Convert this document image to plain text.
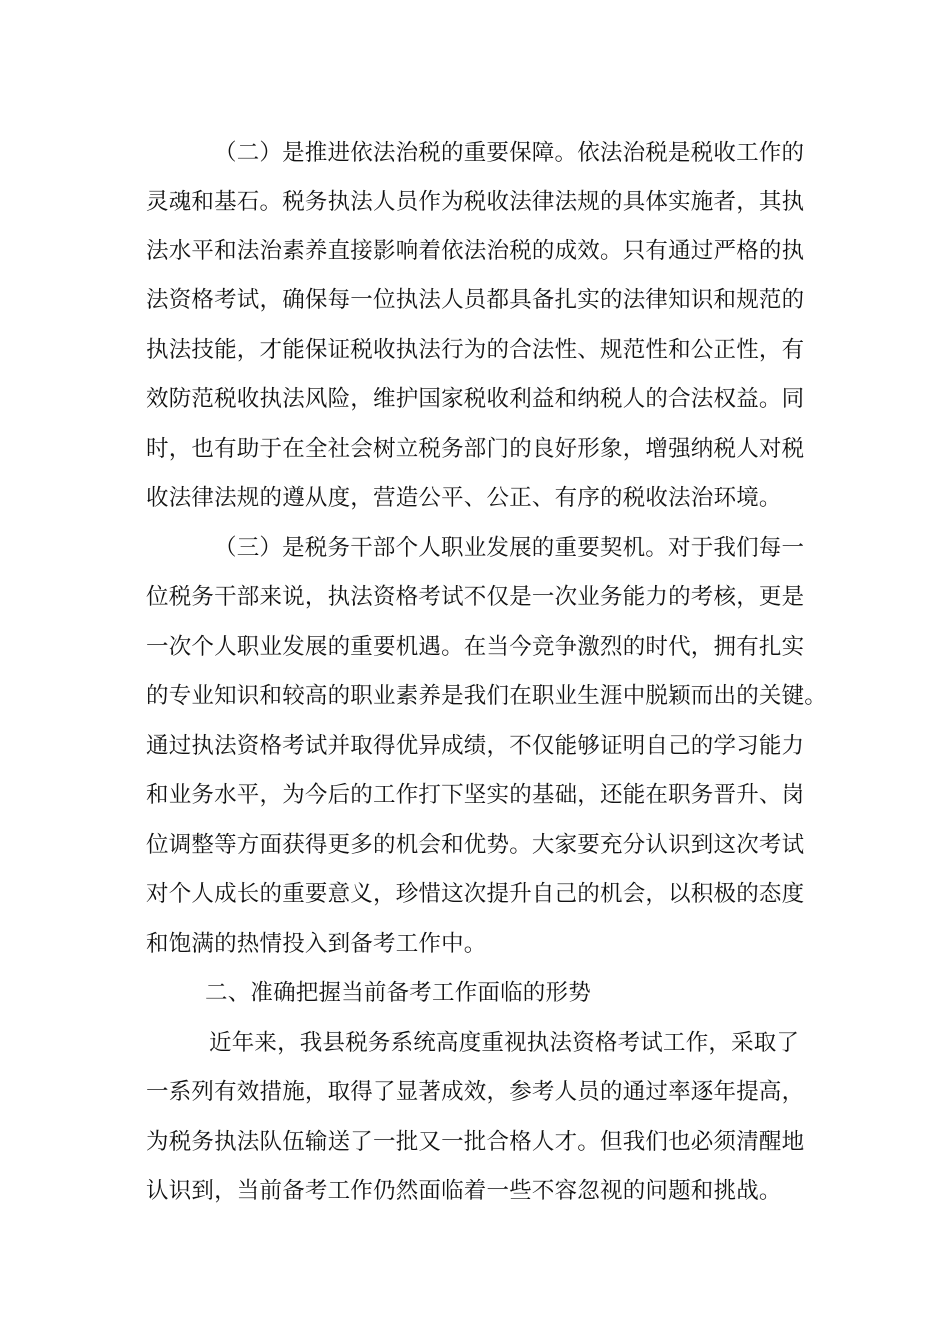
（二）是推进依法治税的重要保障。依法治税是税收工作的

灵魂和基石。税务执法人员作为税收法律法规的具体实施者，其执

法水平和法治素养直接影响着依法治税的成效。只有通过严格的执

法资格考试，确保每一位执法人员都具备扎实的法律知识和规范的

执法技能，才能保证税收执法行为的合法性、规范性和公正性，有

效防范税收执法风险，维护国家税收利益和纳税人的合法权益。同

时，也有助于在全社会树立税务部门的良好形象，增强纳税人对税

收法律法规的遵从度，营造公平、公正、有序的税收法治环境。

（三）是税务干部个人职业发展的重要契机。对于我们每一

位税务干部来说，执法资格考试不仅是一次业务能力的考核，更是

一次个人职业发展的重要机遇。在当今竞争激烈的时代，拥有扎实

的专业知识和较高的职业素养是我们在职业生涯中脱颖而出的关键。

通过执法资格考试并取得优异成绩，不仅能够证明自己的学习能力

和业务水平，为今后的工作打下坚实的基础，还能在职务晋升、岗

位调整等方面获得更多的机会和优势。大家要充分认识到这次考试

对个人成长的重要意义，珍惜这次提升自己的机会，以积极的态度

和饱满的热情投入到备考工作中。

二、准确把握当前备考工作面临的形势

近年来，我县税务系统高度重视执法资格考试工作，采取了

一系列有效措施，取得了显著成效，参考人员的通过率逐年提高，

为税务执法队伍输送了一批又一批合格人才。但我们也必须清醒地

认识到，当前备考工作仍然面临着一些不容忽视的问题和挑战。
